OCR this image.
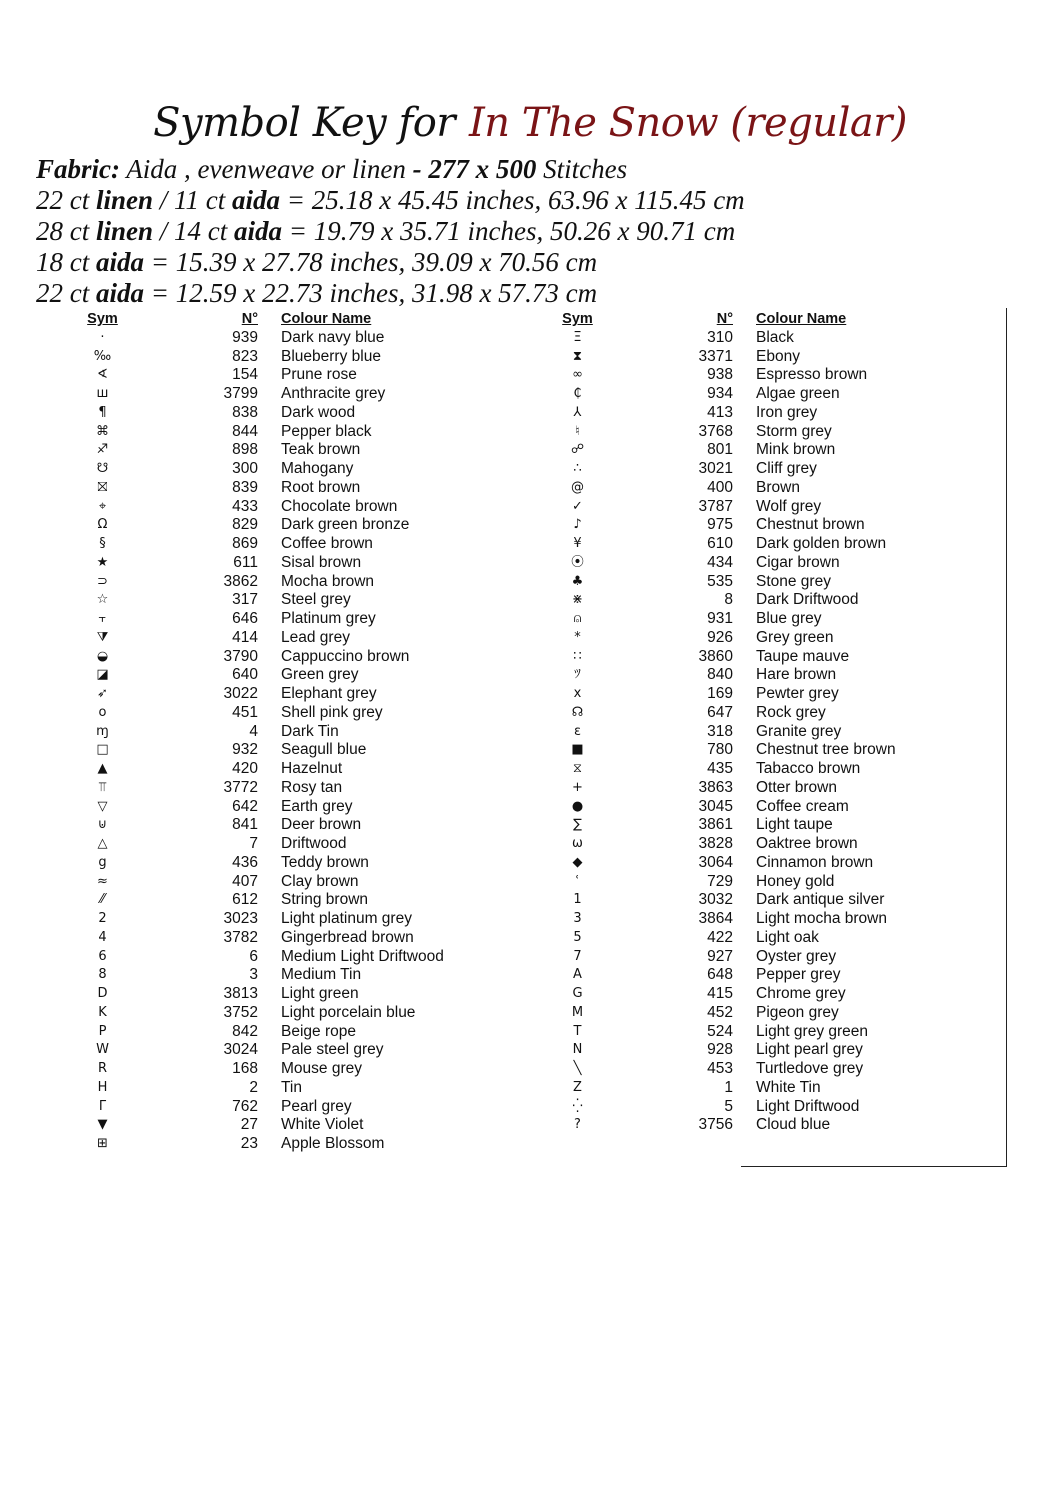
Symbol Key for In The Snow (regular)
Fabric: Aida , evenweave or linen - 277 x 500 Stitches
22 ct linen / 11 ct aida = 25.18 x 45.45 inches, 63.96 x 115.45 cm
28 ct linen / 14 ct aida = 19.79 x 35.71 inches, 50.26 x 90.71 cm
18 ct aida = 15.39 x 27.78 inches, 39.09 x 70.56 cm
22 ct aida = 12.59 x 22.73 inches, 31.98 x 57.73 cm
Sym	N° Colour Name
·	939 Dark navy blue
‰	823 Blueberry blue
∢	154 Prune rose
ш	3799 Anthracite grey
¶	838 Dark wood
⌘	844 Pepper black
♐	898 Teak brown
☋	300 Mahogany
⛝	839 Root brown
⌖	433 Chocolate brown
Ω	829 Dark green bronze
§	869 Coffee brown
★	611 Sisal brown
⊃	3862 Mocha brown
☆	317 Steel grey
⫟	646 Platinum grey
⧩	414 Lead grey
◒	3790 Cappuccino brown
◪	640 Green grey
➶	3022 Elephant grey
o	451 Shell pink grey
ɱ	4 Dark Tin
□	932 Seagull blue
▲	420 Hazelnut
⫪	3772 Rosy tan
▽	642 Earth grey
⊍	841 Deer brown
△	7 Driftwood
g	436 Teddy brown
≈	407 Clay brown
⁄⁄	612 String brown
2	3023 Light platinum grey
4	3782 Gingerbread brown
6	6 Medium Light Driftwood
8	3 Medium Tin
D	3813 Light green
K	3752 Light porcelain blue
P	842 Beige rope
W	3024 Pale steel grey
R	168 Mouse grey
H	2 Tin
Γ	762 Pearl grey
▼	27 White Violet
⊞	23 Apple Blossom
Sym	N° Colour Name
Ξ	310 Black
⧗	3371 Ebony
∞	938 Espresso brown
₵	934 Algae green
⅄	413 Iron grey
♮	3768 Storm grey
☍	801 Mink brown
∴	3021 Cliff grey
@	400 Brown
✓	3787 Wolf grey
♪	975 Chestnut brown
¥	610 Dark golden brown
⦿	434 Cigar brown
♣	535 Stone grey
⋇	8 Dark Driftwood
⍝	931 Blue grey
*	926 Grey green
∷	3860 Taupe mauve
ﾂ	840 Hare brown
x	169 Pewter grey
☊	647 Rock grey
ε	318 Granite grey
■	780 Chestnut tree brown
⧖	435 Tabacco brown
+	3863 Otter brown
●	3045 Coffee cream
∑	3861 Light taupe
ω	3828 Oaktree brown
◆	3064 Cinnamon brown
ʿ	729 Honey gold
1	3032 Dark antique silver
3	3864 Light mocha brown
5	422 Light oak
7	927 Oyster grey
A	648 Pepper grey
G	415 Chrome grey
M	452 Pigeon grey
T	524 Light grey green
N	928 Light pearl grey
╲	453 Turtledove grey
Z	1 White Tin
⁛	5 Light Driftwood
?	3756 Cloud blue
